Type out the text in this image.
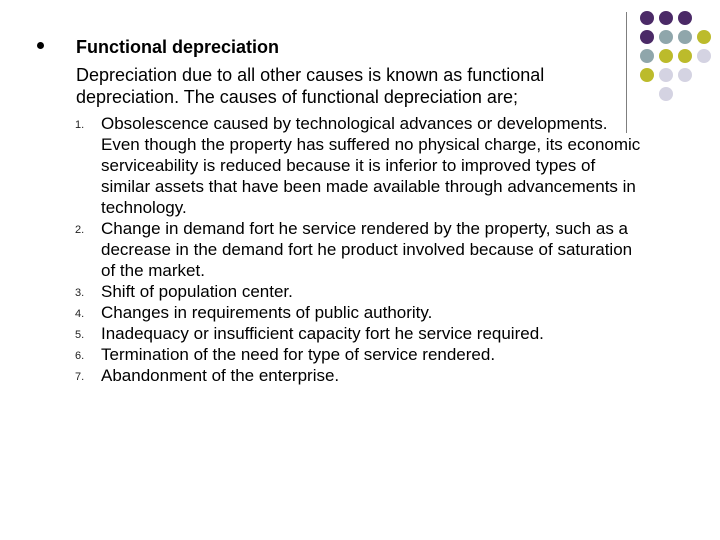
Functional depreciation

Depreciation due to all other causes is known as functional depreciation. The causes of functional depreciation are;

1. Obsolescence caused by technological advances or developments. Even though the property has suffered no physical charge, its economic serviceability is reduced because it is inferior to improved types of similar assets that have been made available through advancements in technology.
2. Change in demand fort he service rendered by the property, such as a decrease in the demand fort he product involved because of saturation of the market.
3. Shift of population center.
4. Changes in requirements of public authority.
5. Inadequacy or insufficient capacity fort he service required.
6. Termination of the need for type of service rendered.
7. Abandonment of the enterprise.
